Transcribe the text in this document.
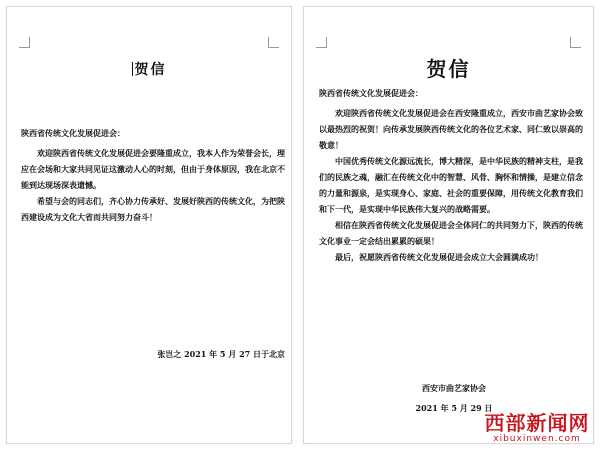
贺信

陕西省传统文化发展促进会：

欢迎陕西省传统文化发展促进会要隆重成立，我本人作为荣誉会长，理应在会场和大家共同见证这激动人心的时刻，但由于身体原因，我在北京不能到达现场深表遗憾。

希望与会的同志们，齐心协力传承好、发展好陕西的传统文化，为把陕西建设成为文化大省而共同努力奋斗！

张岂之 2021 年 5 月 27 日于北京
贺信

陕西省传统文化发展促进会：

欢迎陕西省传统文化发展促进会在西安隆重成立，西安市曲艺家协会致以最热烈的祝贺！向传承发展陕西传统文化的各位艺术家、同仁致以崇高的敬意！

中国优秀传统文化源远流长，博大精深，是中华民族的精神支柱，是我们的民族之魂，融汇在传统文化中的智慧、风骨、胸怀和情操，是建立信念的力量和源泉，是实现身心、家庭、社会的重要保障，用传统文化教育我们和下一代，是实现中华民族伟大复兴的战略需要。

相信在陕西省传统文化发展促进会全体同仁的共同努力下，陕西的传统文化事业一定会结出累累的硕果！

最后，祝愿陕西省传统文化发展促进会成立大会圆满成功！

西安市曲艺家协会
2021 年 5 月 29 日
西部新闻网
xibuxinwen.com
